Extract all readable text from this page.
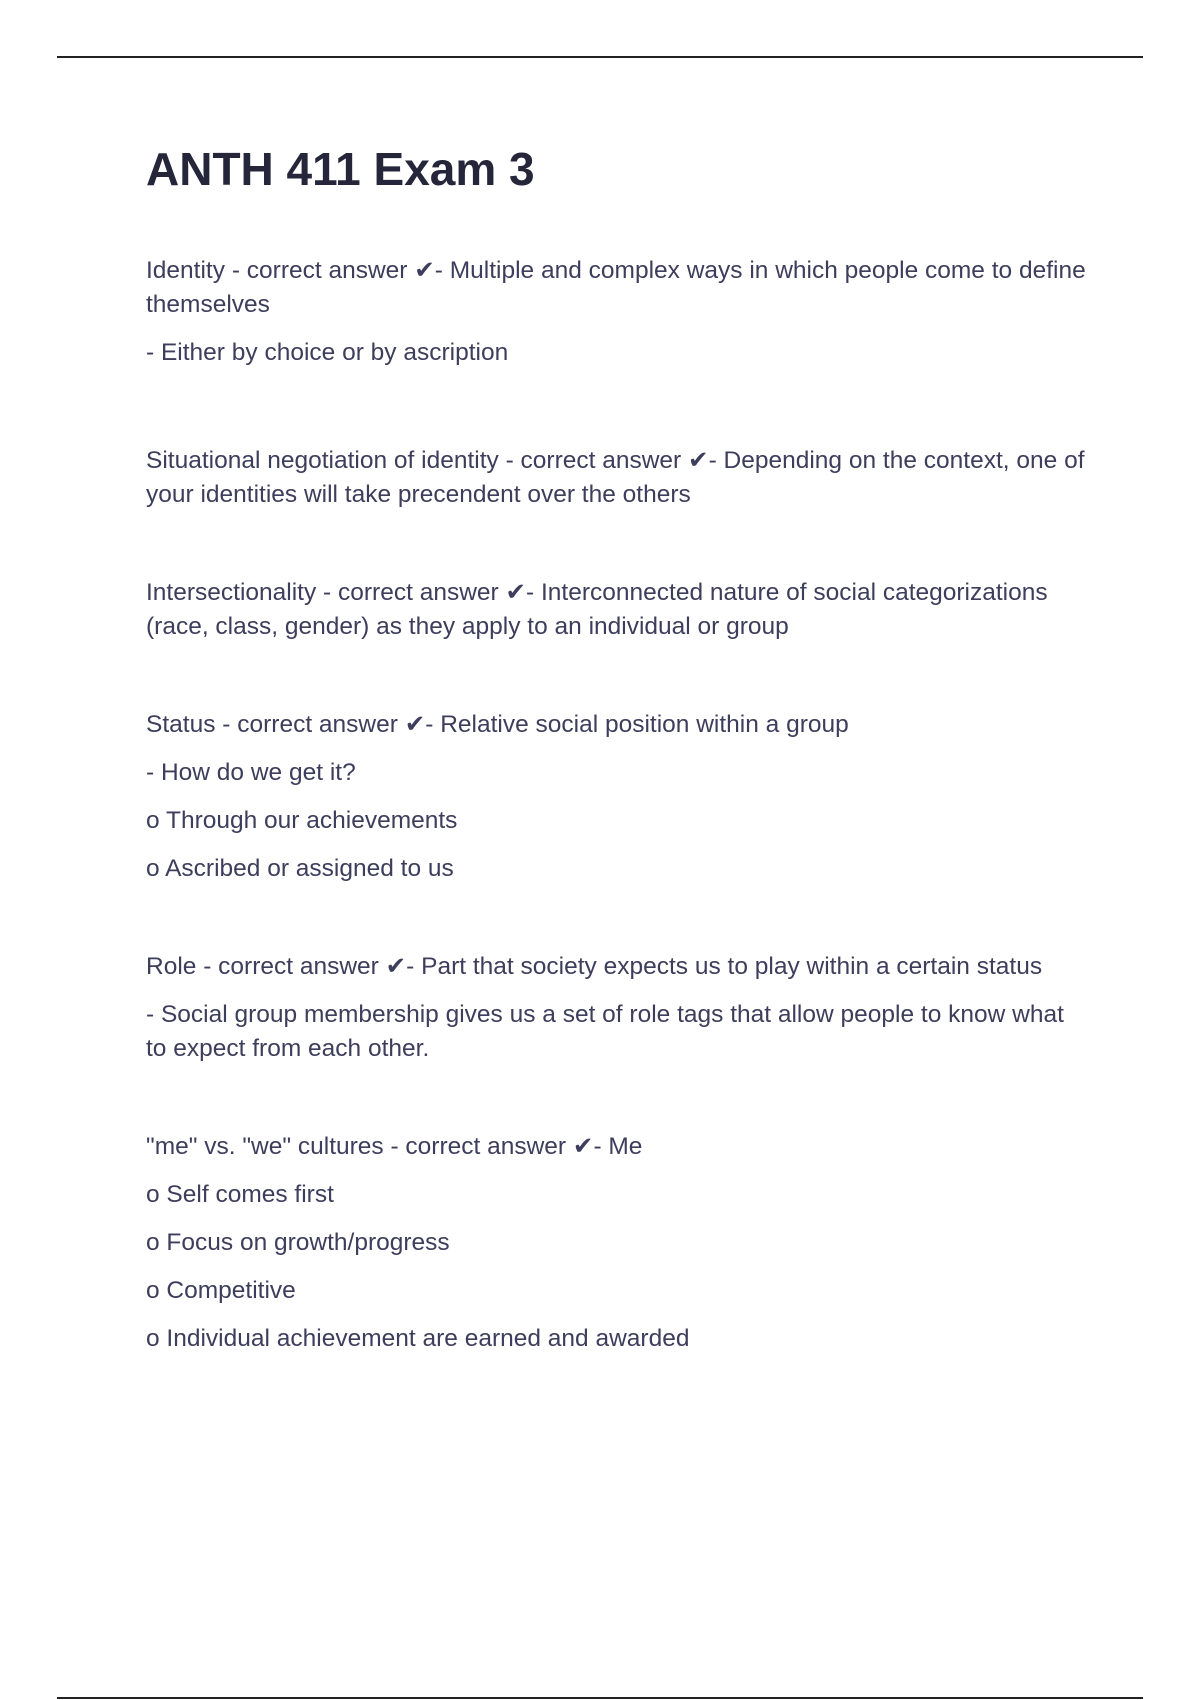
ANTH 411 Exam 3

Identity - correct answer ✔- Multiple and complex ways in which people come to define themselves

- Either by choice or by ascription

Situational negotiation of identity - correct answer ✔- Depending on the context, one of your identities will take precendent over the others

Intersectionality - correct answer ✔- Interconnected nature of social categorizations (race, class, gender) as they apply to an individual or group

Status - correct answer ✔- Relative social position within a group

- How do we get it?

o Through our achievements

o Ascribed or assigned to us

Role - correct answer ✔- Part that society expects us to play within a certain status

- Social group membership gives us a set of role tags that allow people to know what to expect from each other.

"me" vs. "we" cultures - correct answer ✔- Me

o Self comes first

o Focus on growth/progress

o Competitive

o Individual achievement are earned and awarded
